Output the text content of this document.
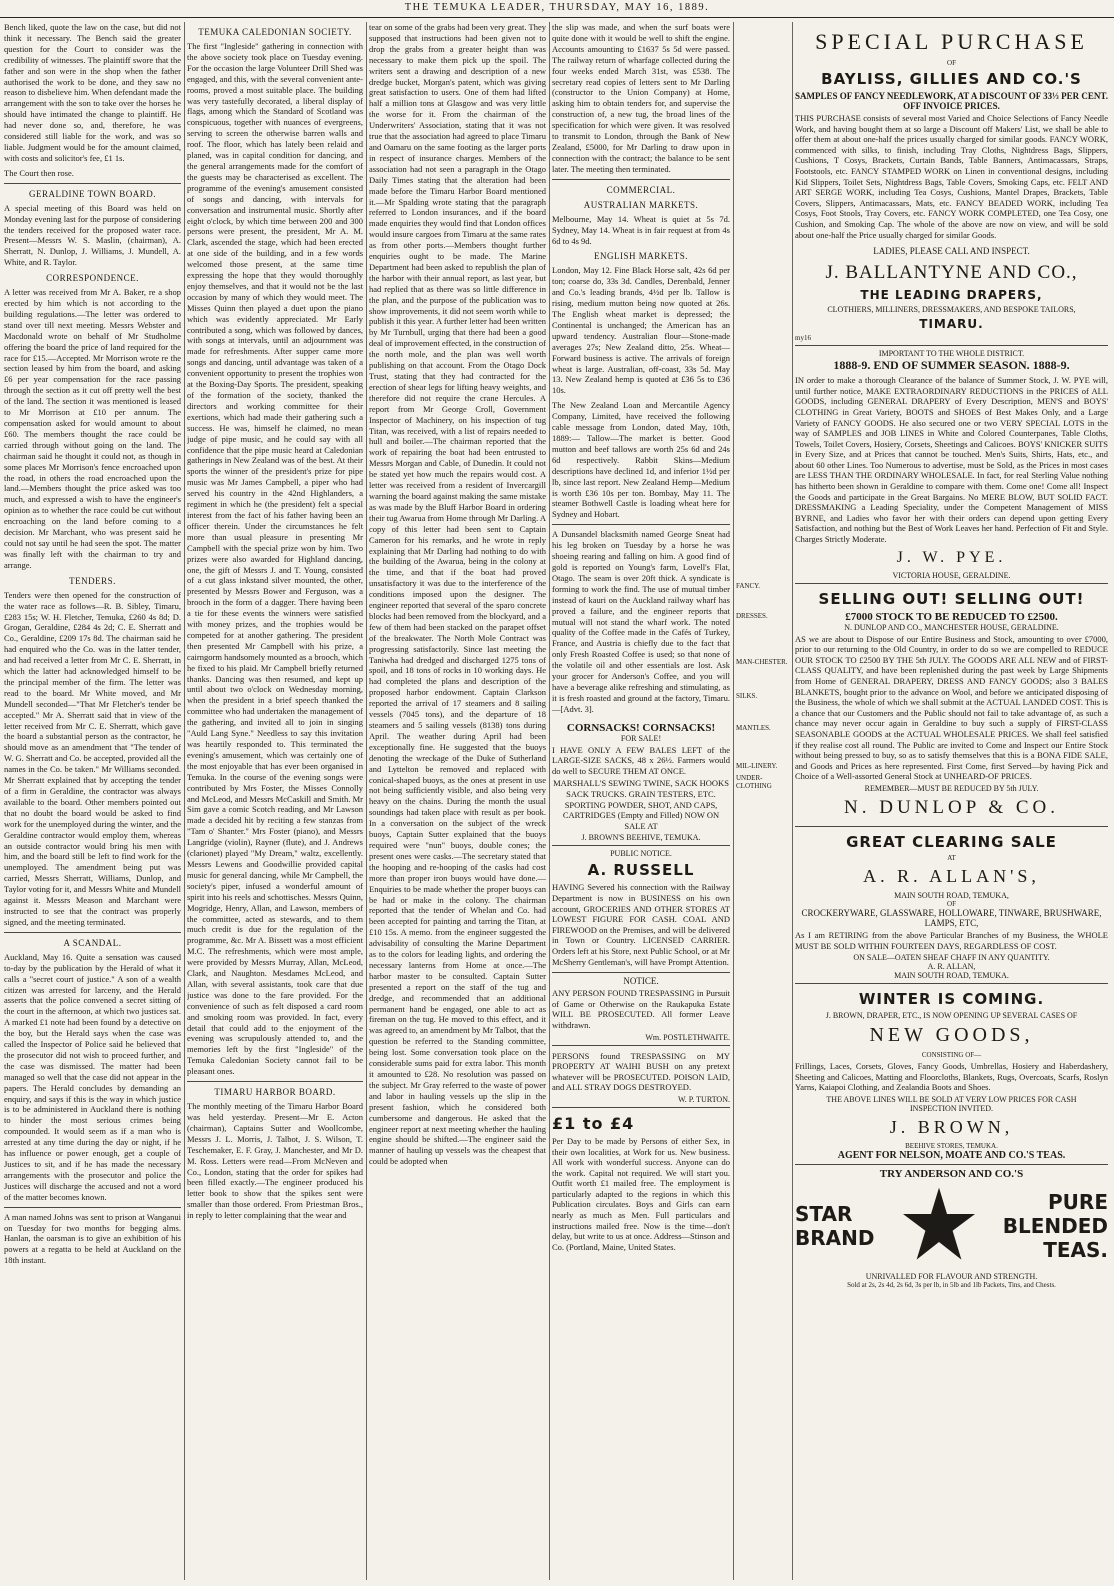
THE TEMUKA LEADER, THURSDAY, MAY 16, 1889.

Bench liked, quote the law on the case, but did not think it necessary. The Bench said the greater question for the Court to consider was the credibility of witnesses. The plaintiff swore that the father and son were in the shop when the father authorised the work to be done, and they saw no reason to disbelieve him. When defendant made the arrangement with the son to take over the horses he should have intimated the change to plaintiff. He had never done so, and, therefore, he was considered still liable for the work, and was so liable. Judgment would be for the amount claimed, with costs and solicitor's fee, £1 1s.

The Court then rose.

GERALDINE TOWN BOARD.

A special meeting of this Board was held on Monday evening last for the purpose of considering the tenders received for the proposed water race. Present—Messrs W. S. Maslin, (chairman), A. Sherratt, N. Dunlop, J. Williams, J. Mundell, A. White, and R. Taylor.

CORRESPONDENCE.

A letter was received from Mr A. Baker, re a shop erected by him which is not according to the building regulations.—The letter was ordered to stand over till next meeting. Messrs Webster and Macdonald wrote on behalf of Mr Studholme offering the board the price of land required for the race for £15.—Accepted. Mr Morrison wrote re the section leased by him from the board, and asking £6 per year compensation for the race passing through the section as it cut off pretty well the best of the land. The section it was mentioned is leased to Mr Morrison at £10 per annum. The compensation asked for would amount to about £60. The members thought the race could be carried through without going on the land. The chairman said he thought it could not, as though in some places Mr Morrison's fence encroached upon the road, in others the road encroached upon the land.—Members thought the price asked was too much, and expressed a wish to have the engineer's opinion as to whether the race could be cut without encroaching on the land before coming to a decision. Mr Marchant, who was present said he could not say until he had seen the spot. The matter was finally left with the chairman to try and arrange.

TENDERS.

Tenders were then opened for the construction of the water race as follows—R. B. Sibley, Timaru, £283 15s; W. H. Fletcher, Temuka, £260 4s 8d; D. Grogan, Geraldine, £284 4s 2d; C. E. Sherratt and Co., Geraldine, £209 17s 8d. The chairman said he had enquired who the Co. was in the latter tender, and had received a letter from Mr C. E. Sherratt, in which the latter had acknowledged himself to be the principal member of the firm. The letter was read to the board. Mr White moved, and Mr Mundell seconded—"That Mr Fletcher's tender be accepted." Mr A. Sherratt said that in view of the letter received from Mr C. E. Sherratt, which gave the board a substantial person as the contractor, he should move as an amendment that "The tender of W. G. Sherratt and Co. be accepted, provided all the names in the Co. be taken." Mr Williams seconded. Mr Sherratt explained that by accepting the tender of a firm in Geraldine, the contractor was always available to the board. Other members pointed out that no doubt the board would be asked to find work for the unemployed during the winter, and the Geraldine contractor would employ them, whereas an outside contractor would bring his men with him, and the board still be left to find work for the unemployed. The amendment being put was carried, Messrs Sherratt, Williams, Dunlop, and Taylor voting for it, and Messrs White and Mundell against it. Messrs Meason and Marchant were instructed to see that the contract was properly signed, and the meeting terminated.

A SCANDAL.

Auckland, May 16. Quite a sensation was caused to-day by the publication by the Herald of what it calls a "secret court of justice." A son of a wealth citizen was arrested for larceny, and the Herald asserts that the police convened a secret sitting of the court in the afternoon, at which two justices sat. A marked £1 note had been found by a detective on the boy, but the Herald says when the case was called the Inspector of Police said he believed that the prosecutor did not wish to proceed further, and the case was dismissed. The matter had been managed so well that the case did not appear in the papers. The Herald concludes by demanding an enquiry, and says if this is the way in which justice is to be administered in Auckland there is nothing to hinder the most serious crimes being compounded. It would seem as if a man who is arrested at any time during the day or night, if he has influence or power enough, get a couple of Justices to sit, and if he has made the necessary arrangements with the prosecutor and police the Justices will discharge the accused and not a word of the matter becomes known.

A man named Johns was sent to prison at Wanganui on Tuesday for two months for begging alms. Hanlan, the oarsman is to give an exhibition of his powers at a regatta to be held at Auckland on the 18th instant.

TEMUKA CALEDONIAN SOCIETY.

The first "Ingleside" gathering in connection with the above society took place on Tuesday evening. For the occasion the large Volunteer Drill Shed was engaged, and this, with the several convenient ante-rooms, proved a most suitable place. The building was very tastefully decorated, a liberal display of flags, among which the Standard of Scotland was conspicuous, together with nuances of evergreens, serving to screen the otherwise barren walls and roof. The floor, which has lately been relaid and planed, was in capital condition for dancing, and the general arrangements made for the comfort of the guests may be characterised as excellent. The programme of the evening's amusement consisted of songs and dancing, with intervals for conversation and instrumental music. Shortly after eight o'clock, by which time between 200 and 300 persons were present, the president, Mr A. M. Clark, ascended the stage, which had been erected at one side of the building, and in a few words welcomed those present, at the same time expressing the hope that they would thoroughly enjoy themselves, and that it would not be the last occasion by many of which they would meet. The Misses Quinn then played a duet upon the piano which was evidently appreciated. Mr Early contributed a song, which was followed by dances, with songs at intervals, until an adjournment was made for refreshments. After supper came more songs and dancing, until advantage was taken of a convenient opportunity to present the trophies won at the Boxing-Day Sports. The president, speaking of the formation of the society, thanked the directors and working committee for their exertions, which had made their gathering such a success. He was, himself he claimed, no mean judge of pipe music, and he could say with all confidence that the pipe music heard at Caledonian gatherings in New Zealand was of the best. At their sports the winner of the president's prize for pipe music was Mr James Campbell, a piper who had served his country in the 42nd Highlanders, a regiment in which he (the president) felt a special interest from the fact of his father having been an officer therein. Under the circumstances he felt more than usual pleasure in presenting Mr Campbell with the special prize won by him. Two prizes were also awarded for Highland dancing, one, the gift of Messrs J. and T. Young, consisted of a cut glass inkstand silver mounted, the other, presented by Messrs Bower and Ferguson, was a brooch in the form of a dagger. There having been a tie for these events the winners were satisfied with money prizes, and the trophies would be competed for at another gathering. The president then presented Mr Campbell with his prize, a cairngorm handsomely mounted as a brooch, which he fixed to his plaid. Mr Campbell briefly returned thanks. Dancing was then resumed, and kept up until about two o'clock on Wednesday morning, when the president in a brief speech thanked the committee who had undertaken the management of the gathering, and invited all to join in singing "Auld Lang Syne." Needless to say this invitation was heartily responded to. This terminated the evening's amusement, which was certainly one of the most enjoyable that has ever been organised in Temuka. In the course of the evening songs were contributed by Mrs Foster, the Misses Connolly and McLeod, and Messrs McCaskill and Smith. Mr Sim gave a comic Scotch reading, and Mr Lawson made a decided hit by reciting a few stanzas from "Tam o' Shanter." Mrs Foster (piano), and Messrs Langridge (violin), Rayner (flute), and J. Andrews (clarionet) played "My Dream," waltz, excellently. Messrs Lewens and Goodwillie provided capital music for general dancing, while Mr Campbell, the society's piper, infused a wonderful amount of spirit into his reels and schottisches. Messrs Quinn, Mogridge, Henry, Allan, and Lawson, members of the committee, acted as stewards, and to them much credit is due for the regulation of the programme, &c. Mr A. Bissett was a most efficient M.C. The refreshments, which were most ample, were provided by Messrs Murray, Allan, McLeod, Clark, and Naughton. Mesdames McLeod, and Allan, with several assistants, took care that due justice was done to the fare provided. For the convenience of such as felt disposed a card room and smoking room was provided. In fact, every detail that could add to the enjoyment of the evening was scrupulously attended to, and the memories left by the first "Ingleside" of the Temuka Caledonian Society cannot fail to be pleasant ones.

TIMARU HARBOR BOARD.

The monthly meeting of the Timaru Harbor Board was held yesterday. Present—Mr E. Acton (chairman), Captains Sutter and Woollcombe, Messrs J. L. Morris, J. Talbot, J. S. Wilson, T. Teschemaker, E. F. Gray, J. Manchester, and Mr D. M. Ross. Letters were read—From McNeven and Co., London, stating that the order for spikes had been filled exactly.—The engineer produced his letter book to show that the spikes sent were smaller than those ordered. From Priestman Bros., in reply to letter complaining that the wear and

tear on some of the grabs had been very great. They supposed that instructions had been given not to drop the grabs from a greater height than was necessary to make them pick up the spoil. The writers sent a drawing and description of a new dredge bucket, Morgan's patent, which was giving great satisfaction to users. One of them had lifted half a million tons at Glasgow and was very little the worse for it. From the chairman of the Underwriters' Association, stating that it was not true that the association had agreed to place Timaru and Oamaru on the same footing as the larger ports in respect of insurance charges. Members of the association had not seen a paragraph in the Otago Daily Times stating that the alteration had been made before the Timaru Harbor Board mentioned it.—Mr Spalding wrote stating that the paragraph referred to London insurances, and if the board made enquiries they would find that London offices would insure cargoes from Timaru at the same rates as from other ports.—Members thought further enquiries ought to be made. The Marine Department had been asked to republish the plan of the harbor with their annual report, as last year, but had replied that as there was so little difference in the plan, and the purpose of the publication was to show improvements, it did not seem worth while to publish it this year. A further letter had been written by Mr Turnbull, urging that there had been a good deal of improvement effected, in the construction of the north mole, and the plan was well worth publishing on that account. From the Otago Dock Trust, stating that they had contracted for the erection of shear legs for lifting heavy weights, and therefore did not require the crane Hercules. A report from Mr George Croll, Government Inspector of Machinery, on his inspection of tug Titan, was received, with a list of repairs needed to hull and boiler.—The chairman reported that the work of repairing the boat had been entrusted to Messrs Morgan and Cable, of Dunedin. It could not be stated yet how much the repairs would cost. A letter was received from a resident of Invercargill warning the board against making the same mistake as was made by the Bluff Harbor Board in ordering their tug Awarua from Home through Mr Darling. A copy of this letter had been sent to Captain Cameron for his remarks, and he wrote in reply explaining that Mr Darling had nothing to do with the building of the Awarua, being in the colony at the time, and that if the boat had proved unsatisfactory it was due to the interference of the conditions imposed upon the designer. The engineer reported that several of the sparo concrete blocks had been removed from the blockyard, and a few of them had been stacked on the parapet offset of the breakwater. The North Mole Contract was progressing satisfactorily. Since last meeting the Taniwha had dredged and discharged 1275 tons of spoil, and 18 tons of rocks in 10 working days. He had completed the plans and description of the proposed harbor endowment. Captain Clarkson reported the arrival of 17 steamers and 8 sailing vessels (7045 tons), and the departure of 18 steamers and 5 sailing vessels (8138) tons during April. The weather during April had been exceptionally fine. He suggested that the buoys denoting the wreckage of the Duke of Sutherland and Lyttelton be removed and replaced with conical-shaped buoys, as the ones at present in use not being sufficiently visible, and also being very heavy on the chains. During the month the usual soundings had taken place with result as per book. In a conversation on the subject of the wreck buoys, Captain Sutter explained that the buoys required were "nun" buoys, double cones; the present ones were casks.—The secretary stated that the hooping and re-hooping of the casks had cost more than proper iron buoys would have done.—Enquiries to be made whether the proper buoys can be had or make in the colony. The chairman reported that the tender of Whelan and Co. had been accepted for painting and tarring the Titan, at £10 15s. A memo. from the engineer suggested the advisability of consulting the Marine Department as to the colors for leading lights, and ordering the necessary lanterns from Home at once.—The harbor master to be consulted. Captain Sutter presented a report on the staff of the tug and dredge, and recommended that an additional permanent hand be engaged, one able to act as fireman on the tug. He moved to this effect, and it was agreed to, an amendment by Mr Talbot, that the question be referred to the Standing committee, being lost. Some conversation took place on the considerable sums paid for extra labor. This month it amounted to £28. No resolution was passed on the subject. Mr Gray referred to the waste of power and labor in hauling vessels up the slip in the present fashion, which he considered both cumbersome and dangerous. He asked that the engineer report at next meeting whether the hauling engine should be shifted.—The engineer said the manner of hauling up vessels was the cheapest that could be adopted when

the slip was made, and when the surf boats were quite done with it would be well to shift the engine. Accounts amounting to £1637 5s 5d were passed. The railway return of wharfage collected during the four weeks ended March 31st, was £538. The secretary read copies of letters sent to Mr Darling (constructor to the Union Company) at Home, asking him to obtain tenders for, and supervise the construction of, a new tug, the broad lines of the specification for which were given. It was resolved to transmit to London, through the Bank of New Zealand, £5000, for Mr Darling to draw upon in connection with the contract; the balance to be sent later. The meeting then terminated.

COMMERCIAL.
AUSTRALIAN MARKETS.

Melbourne, May 14. Wheat is quiet at 5s 7d. Sydney, May 14. Wheat is in fair request at from 4s 6d to 4s 9d.

ENGLISH MARKETS.

London, May 12. Fine Black Horse salt, 42s 6d per ton; coarse do, 33s 3d. Candles, Derenbald, Jenner and Co.'s leading brands, 4½d per lb. Tallow is rising, medium mutton being now quoted at 26s. The English wheat market is depressed; the Continental is unchanged; the American has an upward tendency. Australian flour—Stone-made averages 27s; New Zealand ditto, 25s. Wheat—Forward business is active. The arrivals of foreign wheat is large. Australian, off-coast, 33s 5d. May 13. New Zealand hemp is quoted at £36 5s to £36 10s.

The New Zealand Loan and Mercantile Agency Company, Limited, have received the following cable message from London, dated May, 10th, 1889:— Tallow—The market is better. Good mutton and beef tallows are worth 25s 6d and 24s 6d respectively. Rabbit Skins—Medium descriptions have declined 1d, and inferior 1½d per lb, since last report. New Zealand Hemp—Medium is worth £36 10s per ton. Bombay, May 11. The steamer Bothwell Castle is loading wheat here for Sydney and Hobart.

A Dunsandel blacksmith named George Sneat had his leg broken on Tuesday by a horse he was shoeing rearing and falling on him. A good find of gold is reported on Young's farm, Lovell's Flat, Otago. The seam is over 20ft thick. A syndicate is forming to work the find. The use of mutual timber instead of kauri on the Auckland railway wharf has proved a failure, and the engineer reports that mutual will not stand the wharf work. The noted quality of the Coffee made in the Cafés of Turkey, France, and Austria is chiefly due to the fact that only Fresh Roasted Coffee is used; so that none of the volatile oil and other essentials are lost. Ask your grocer for Anderson's Coffee, and you will have a beverage alike refreshing and stimulating, as it is fresh roasted and ground at the factory, Timaru.—[Advt. 3].

CORNSACKS! CORNSACKS!
FOR SALE!
I HAVE ONLY A FEW BALES LEFT of the LARGE-SIZE SACKS, 48 x 26½. Farmers would do well to SECURE THEM AT ONCE.
MARSHALL'S SEWING TWINE, SACK HOOKS SACK TRUCKS. GRAIN TESTERS, ETC. SPORTING POWDER, SHOT, AND CAPS, CARTRIDGES (Empty and Filled) NOW ON SALE AT
J. BROWN'S BEEHIVE, TEMUKA.
PUBLIC NOTICE.
A. RUSSELL
HAVING Severed his connection with the Railway Department is now in BUSINESS on his own account, GROCERIES AND OTHER STORES AT LOWEST FIGURE FOR CASH. COAL AND FIREWOOD on the Premises, and will be delivered in Town or Country. LICENSED CARRIER. Orders left at his Store, next Public School, or at Mr McSherry Gentleman's, will have Prompt Attention.
NOTICE.
ANY PERSON FOUND TRESPASSING in Pursuit of Game or Otherwise on the Raukapuka Estate WILL BE PROSECUTED. All former Leave withdrawn.
Wm. POSTLETHWAITE.
PERSONS found TRESPASSING on MY PROPERTY AT WAIHI BUSH on any pretext whatever will be PROSECUTED. POISON LAID, and ALL STRAY DOGS DESTROYED.
W. P. TURTON.
£1 to £4
Per Day to be made by Persons of either Sex, in their own localities, at Work for us. New business. All work with wonderful success. Anyone can do the work. Capital not required. We will start you. Outfit worth £1 mailed free. The employment is particularly adapted to the regions in which this Publication circulates. Boys and Girls can earn nearly as much as Men. Full particulars and instructions mailed free. Now is the time—don't delay, but write to us at once. Address—Stinson and Co. (Portland, Maine, United States.
FANCY.
DRESSES.
MAN-CHESTER.
SILKS.
MANTLES.
MIL-LINERY.
UNDER-CLOTHING
SPECIAL PURCHASE
OF
BAYLISS, GILLIES AND CO.'S
SAMPLES OF FANCY NEEDLEWORK, AT A DISCOUNT OF 33⅓ PER CENT. OFF INVOICE PRICES.
THIS PURCHASE consists of several most Varied and Choice Selections of Fancy Needle Work, and having bought them at so large a Discount off Makers' List, we shall be able to offer them at about one-half the prices usually charged for similar goods. FANCY WORK, commenced with silks, to finish, including Tray Cloths, Nightdress Bags, Slippers, Cushions, T Cosys, Brackets, Curtain Bands, Table Banners, Antimacassars, Straps, Footstools, etc. FANCY STAMPED WORK on Linen in conventional designs, including Kid Slippers, Toilet Sets, Nightdress Bags, Table Covers, Smoking Caps, etc. FELT AND ART SERGE WORK, including Tea Cosys, Cushions, Mantel Drapes, Brackets, Table Covers, Slippers, Antimacassars, Mats, etc. FANCY BEADED WORK, including Tea Cosys, Foot Stools, Tray Covers, etc. FANCY WORK COMPLETED, one Tea Cosy, one Cushion, and Smoking Cap. The whole of the above are now on view, and will be sold about one-half the Price usually charged for similar Goods.
LADIES, PLEASE CALL AND INSPECT.
J. BALLANTYNE AND CO.,
THE LEADING DRAPERS,
CLOTHIERS, MILLINERS, DRESSMAKERS, AND BESPOKE TAILORS,
TIMARU.
my16
IMPORTANT TO THE WHOLE DISTRICT.
1888-9. END OF SUMMER SEASON. 1888-9.
IN order to make a thorough Clearance of the balance of Summer Stock, J. W. PYE will, until further notice, MAKE EXTRAORDINARY REDUCTIONS in the PRICES of ALL GOODS, including GENERAL DRAPERY of Every Description, MEN'S and BOYS' CLOTHING in Great Variety, BOOTS and SHOES of Best Makes Only, and a Large Variety of FANCY GOODS. He also secured one or two VERY SPECIAL LOTS in the way of SAMPLES and JOB LINES in White and Colored Counterpanes, Table Cloths, Towels, Toilet Covers, Hosiery, Corsets, Sheetings and Calicoes. BOYS' KNICKER SUITS in Every Size, and at Prices that cannot be touched. Men's Suits, Shirts, Hats, etc., and about 60 other Lines. Too Numerous to advertise, must be Sold, as the Prices in most cases are LESS THAN THE ORDINARY WHOLESALE. In fact, for real Sterling Value nothing has hitherto been shown in Geraldine to compare with them. Come one! Come all! Inspect the Goods and participate in the Great Bargains. No MERE BLOW, BUT SOLID FACT. DRESSMAKING a Leading Speciality, under the Competent Management of MISS BYRNE, and Ladies who favor her with their orders can depend upon getting Every Satisfaction, and nothing but the Best of Work Leaves her hand. Perfection of Fit and Style. Charges Strictly Moderate.
J. W. PYE.
VICTORIA HOUSE, GERALDINE.
SELLING OUT! SELLING OUT!
£7000 STOCK TO BE REDUCED TO £2500.
N. DUNLOP AND CO., MANCHESTER HOUSE, GERALDINE.
AS we are about to Dispose of our Entire Business and Stock, amounting to over £7000, prior to our returning to the Old Country, in order to do so we are compelled to REDUCE OUR STOCK TO £2500 BY THE 5th JULY. The GOODS ARE ALL NEW and of FIRST-CLASS QUALITY, and have been replenished during the past week by Large Shipments from Home of GENERAL DRAPERY, DRESS AND FANCY GOODS; also 3 BALES BLANKETS, bought prior to the advance on Wool, and before we anticipated disposing of the Business, the whole of which we shall submit at the ACTUAL LANDED COST. This is a chance that our Customers and the Public should not fail to take advantage of, as such a chance may never occur again in Geraldine to buy such a supply of FIRST-CLASS SEASONABLE GOODS at the ACTUAL WHOLESALE PRICES. We shall feel satisfied if they realise cost all round. The Public are invited to Come and Inspect our Entire Stock without being pressed to buy, so as to satisfy themselves that this is a BONA FIDE SALE, and Goods and Prices as here represented. First Come, first Served—by having Pick and Choice of a Well-assorted General Stock at UNHEARD-OF PRICES.
REMEMBER—MUST BE REDUCED BY 5th JULY.
N. DUNLOP & CO.
GREAT CLEARING SALE
AT
A. R. ALLAN'S,
MAIN SOUTH ROAD, TEMUKA,
OF
CROCKERYWARE, GLASSWARE, HOLLOWARE, TINWARE, BRUSHWARE, LAMPS, ETC,
As I am RETIRING from the above Particular Branches of my Business, the WHOLE MUST BE SOLD WITHIN FOURTEEN DAYS, REGARDLESS OF COST.
ON SALE—OATEN SHEAF CHAFF IN ANY QUANTITY.
A. R. ALLAN,
MAIN SOUTH ROAD, TEMUKA.
WINTER IS COMING.
J. BROWN, DRAPER, ETC., IS NOW OPENING UP SEVERAL CASES OF
NEW GOODS,
CONSISTING OF—
Frillings, Laces, Corsets, Gloves, Fancy Goods, Umbrellas, Hosiery and Haberdashery, Sheeting and Calicoes, Matting and Floorcloths, Blankets, Rugs, Overcoats, Scarfs, Roslyn Yarns, Kaiapoi Clothing, and Zealandia Boots and Shoes.
THE ABOVE LINES WILL BE SOLD AT VERY LOW PRICES FOR CASH
INSPECTION INVITED.
J. BROWN,
BEEHIVE STORES, TEMUKA.
AGENT FOR NELSON, MOATE AND CO.'S TEAS.
TRY ANDERSON AND CO.'S
STAR
BRAND
PURE
BLENDED
TEAS.
UNRIVALLED FOR FLAVOUR AND STRENGTH.
Sold at 2s, 2s 4d, 2s 6d, 3s per lb, in 5lb and 1lb Packets, Tins, and Chests.
